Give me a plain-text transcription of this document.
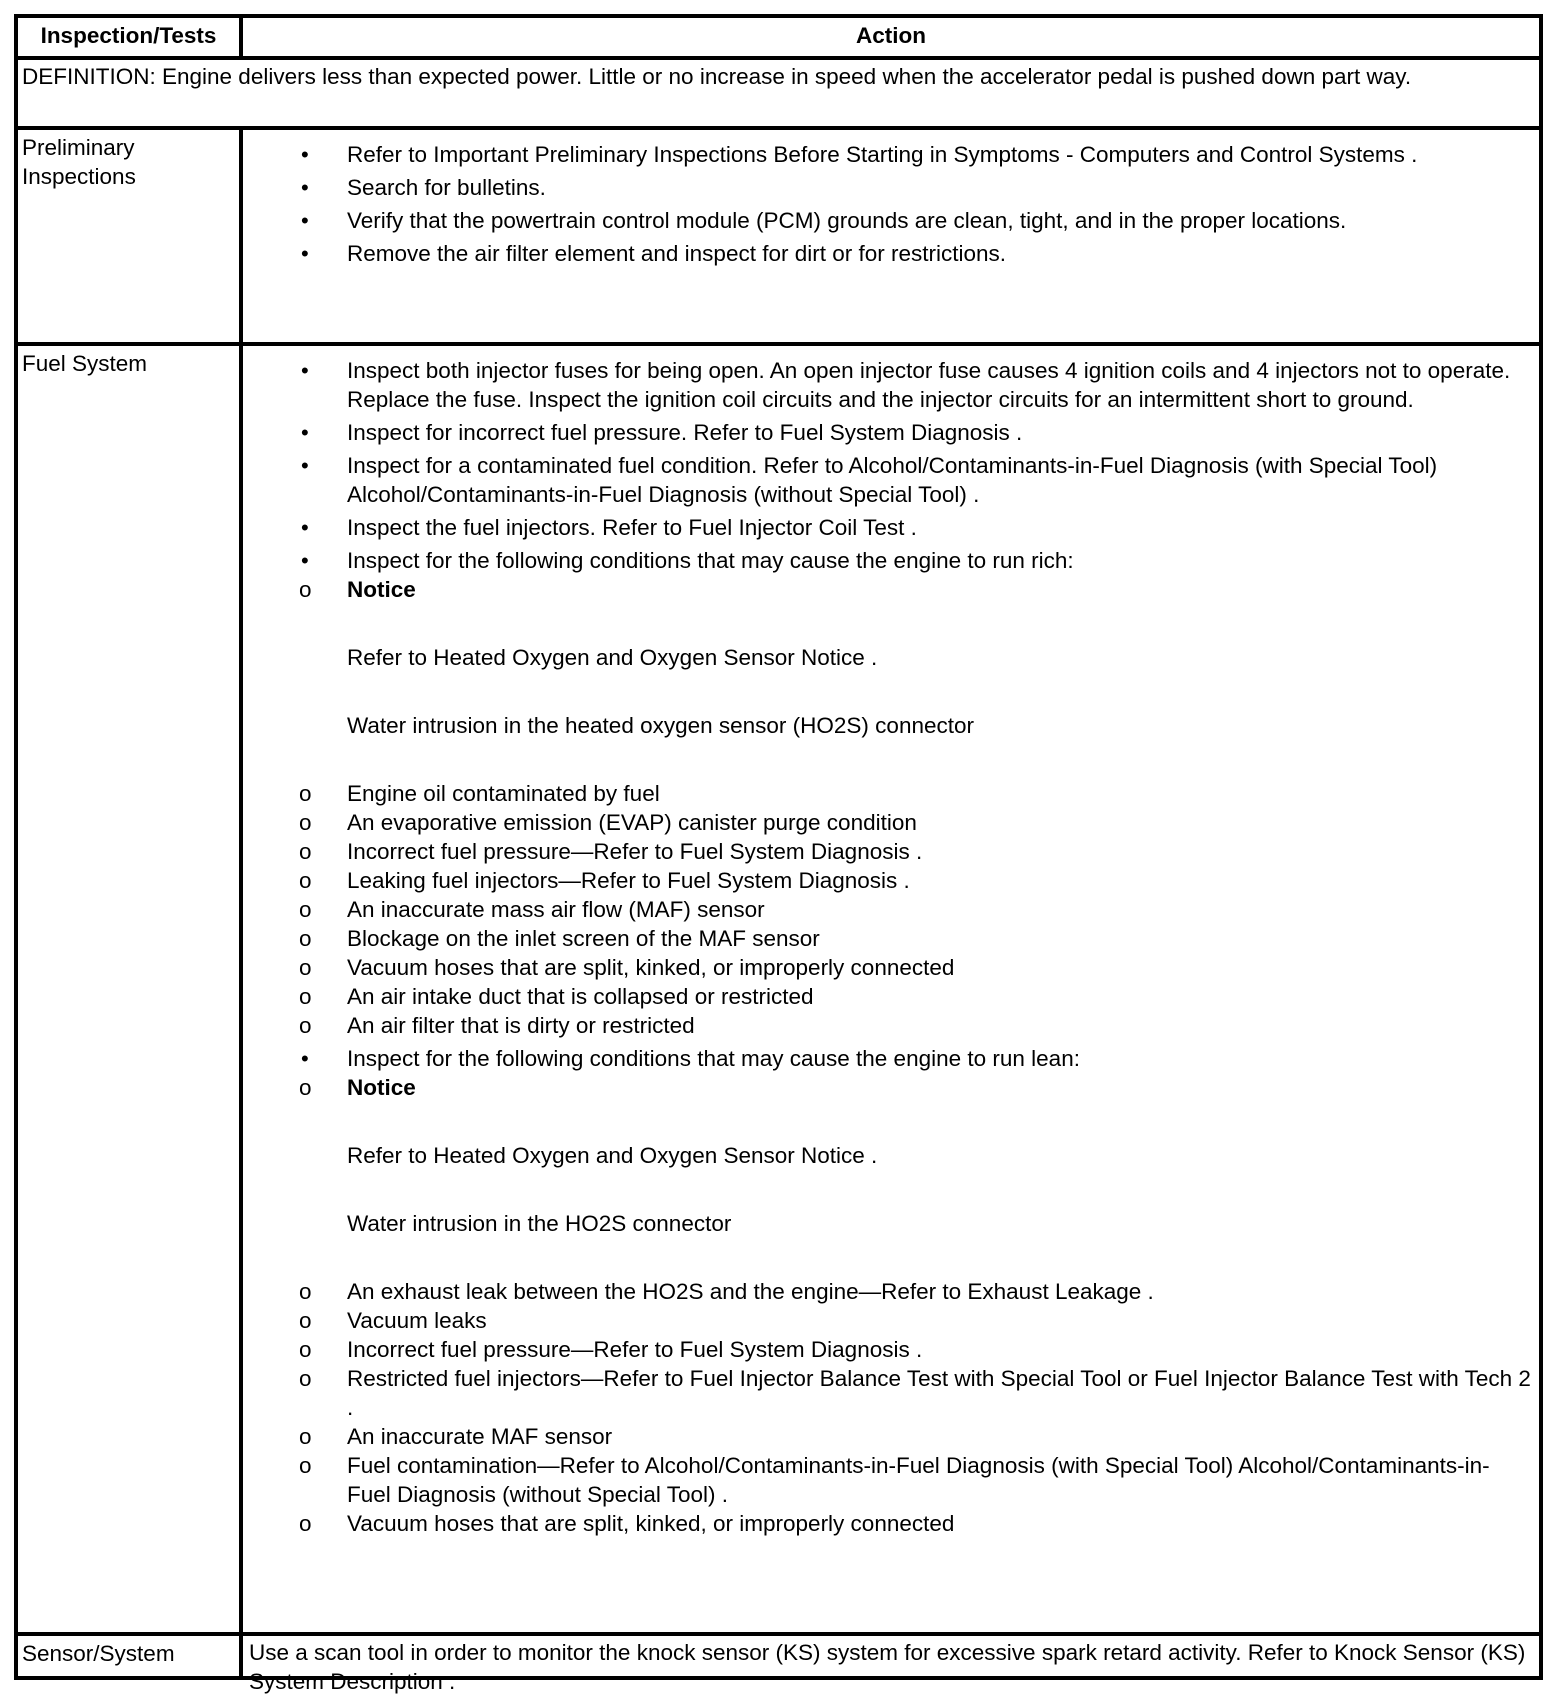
Inspection/Tests	Action
DEFINITION: Engine delivers less than expected power. Little or no increase in speed when the accelerator pedal is pushed down part way.
Preliminary Inspections
• Refer to Important Preliminary Inspections Before Starting in Symptoms - Computers and Control Systems .
• Search for bulletins.
• Verify that the powertrain control module (PCM) grounds are clean, tight, and in the proper locations.
• Remove the air filter element and inspect for dirt or for restrictions.
Fuel System
•	Inspect both injector fuses for being open. An open injector fuse causes 4 ignition coils and 4 injectors not to operate. Replace the fuse. Inspect the ignition coil circuits and the injector circuits for an intermittent short to ground.
• Inspect for incorrect fuel pressure. Refer to Fuel System Diagnosis .
• Inspect for a contaminated fuel condition. Refer to Alcohol/Contaminants-in-Fuel Diagnosis (with Special Tool) Alcohol/Contaminants-in-Fuel Diagnosis (without Special Tool) .
• Inspect the fuel injectors. Refer to Fuel Injector Coil Test .
• Inspect for the following conditions that may cause the engine to run rich:
o Notice
Refer to Heated Oxygen and Oxygen Sensor Notice .
Water intrusion in the heated oxygen sensor (HO2S) connector
o Engine oil contaminated by fuel
o An evaporative emission (EVAP) canister purge condition
o Incorrect fuel pressure—Refer to Fuel System Diagnosis .
o Leaking fuel injectors—Refer to Fuel System Diagnosis .
o An inaccurate mass air flow (MAF) sensor
o Blockage on the inlet screen of the MAF sensor
o Vacuum hoses that are split, kinked, or improperly connected
o An air intake duct that is collapsed or restricted
o An air filter that is dirty or restricted
• Inspect for the following conditions that may cause the engine to run lean:
o Notice
Refer to Heated Oxygen and Oxygen Sensor Notice .
Water intrusion in the HO2S connector
o An exhaust leak between the HO2S and the engine—Refer to Exhaust Leakage .
o Vacuum leaks
o Incorrect fuel pressure—Refer to Fuel System Diagnosis .
o Restricted fuel injectors—Refer to Fuel Injector Balance Test with Special Tool or Fuel Injector Balance Test with Tech 2 .
o An inaccurate MAF sensor
o Fuel contamination—Refer to Alcohol/Contaminants-in-Fuel Diagnosis (with Special Tool) Alcohol/Contaminants-in-Fuel Diagnosis (without Special Tool) .
o Vacuum hoses that are split, kinked, or improperly connected
Sensor/System	Use a scan tool in order to monitor the knock sensor (KS) system for excessive spark retard activity. Refer to Knock Sensor (KS) System Description .
